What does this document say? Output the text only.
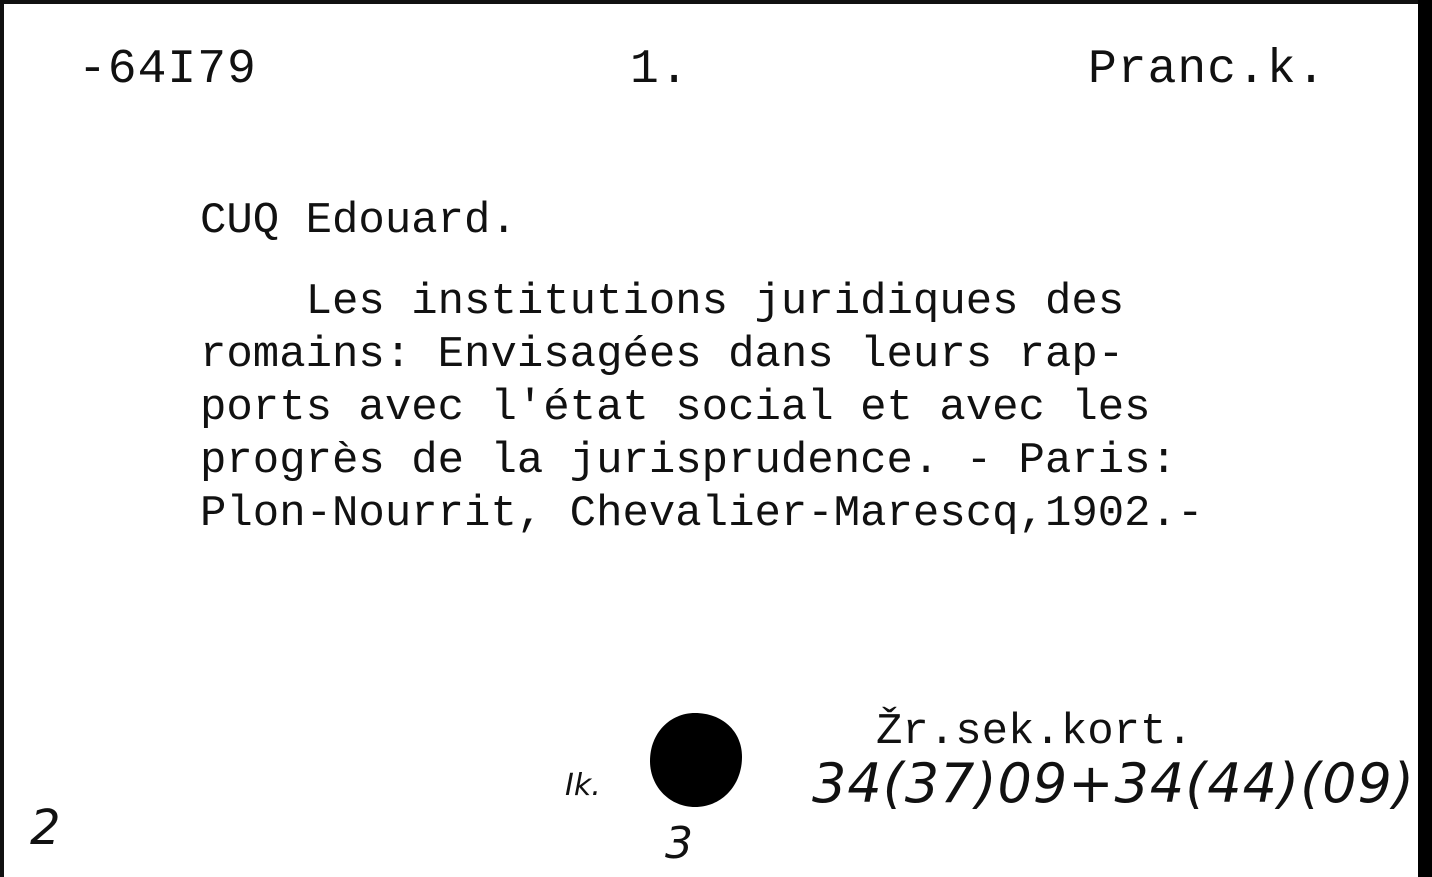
-64I79	1.	Pranc.k.
CUQ Edouard.
Les institutions juridiques des
romains: Envisagées dans leurs rap-
ports avec l'état social et avec les
progrès de la jurisprudence. - Paris:
Plon-Nourrit, Chevalier-Marescq,1902.-
Žr.sek.kort.
2
Ik.
3
34(37)09+34(44)(09)
